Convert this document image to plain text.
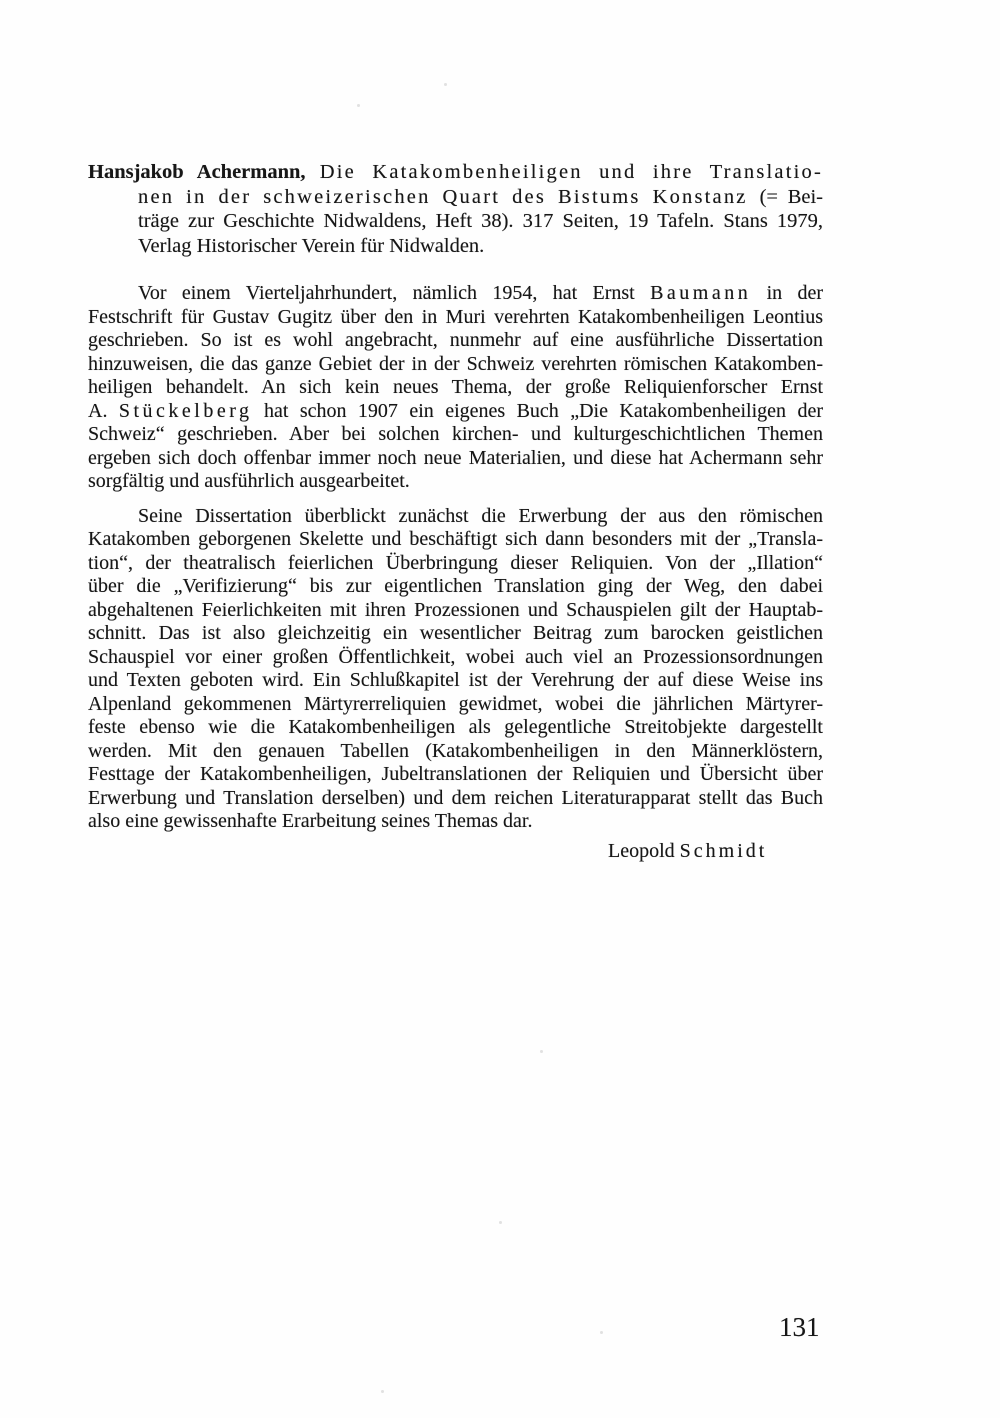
Hansjakob Achermann, Die Katakombenheiligen und ihre Translatio-
nen in der schweizerischen Quart des Bistums Konstanz (= Bei-
träge zur Geschichte Nidwaldens, Heft 38). 317 Seiten, 19 Tafeln. Stans 1979,
Verlag Historischer Verein für Nidwalden.
Vor einem Vierteljahrhundert, nämlich 1954, hat Ernst Baumann in der
Festschrift für Gustav Gugitz über den in Muri verehrten Katakombenheiligen Leontius
geschrieben. So ist es wohl angebracht, nunmehr auf eine ausführliche Dissertation
hinzuweisen, die das ganze Gebiet der in der Schweiz verehrten römischen Katakomben-
heiligen behandelt. An sich kein neues Thema, der große Reliquienforscher Ernst
A. Stückelberg hat schon 1907 ein eigenes Buch „Die Katakombenheiligen der
Schweiz“ geschrieben. Aber bei solchen kirchen- und kulturgeschichtlichen Themen
ergeben sich doch offenbar immer noch neue Materialien, und diese hat Achermann sehr
sorgfältig und ausführlich ausgearbeitet.
Seine Dissertation überblickt zunächst die Erwerbung der aus den römischen
Katakomben geborgenen Skelette und beschäftigt sich dann besonders mit der „Transla-
tion“, der theatralisch feierlichen Überbringung dieser Reliquien. Von der „Illation“
über die „Verifizierung“ bis zur eigentlichen Translation ging der Weg, den dabei
abgehaltenen Feierlichkeiten mit ihren Prozessionen und Schauspielen gilt der Hauptab-
schnitt. Das ist also gleichzeitig ein wesentlicher Beitrag zum barocken geistlichen
Schauspiel vor einer großen Öffentlichkeit, wobei auch viel an Prozessionsordnungen
und Texten geboten wird. Ein Schlußkapitel ist der Verehrung der auf diese Weise ins
Alpenland gekommenen Märtyrerreliquien gewidmet, wobei die jährlichen Märtyrer-
feste ebenso wie die Katakombenheiligen als gelegentliche Streitobjekte dargestellt
werden. Mit den genauen Tabellen (Katakombenheiligen in den Männerklöstern,
Festtage der Katakombenheiligen, Jubeltranslationen der Reliquien und Übersicht über
Erwerbung und Translation derselben) und dem reichen Literaturapparat stellt das Buch
also eine gewissenhafte Erarbeitung seines Themas dar.
Leopold Schmidt
131
